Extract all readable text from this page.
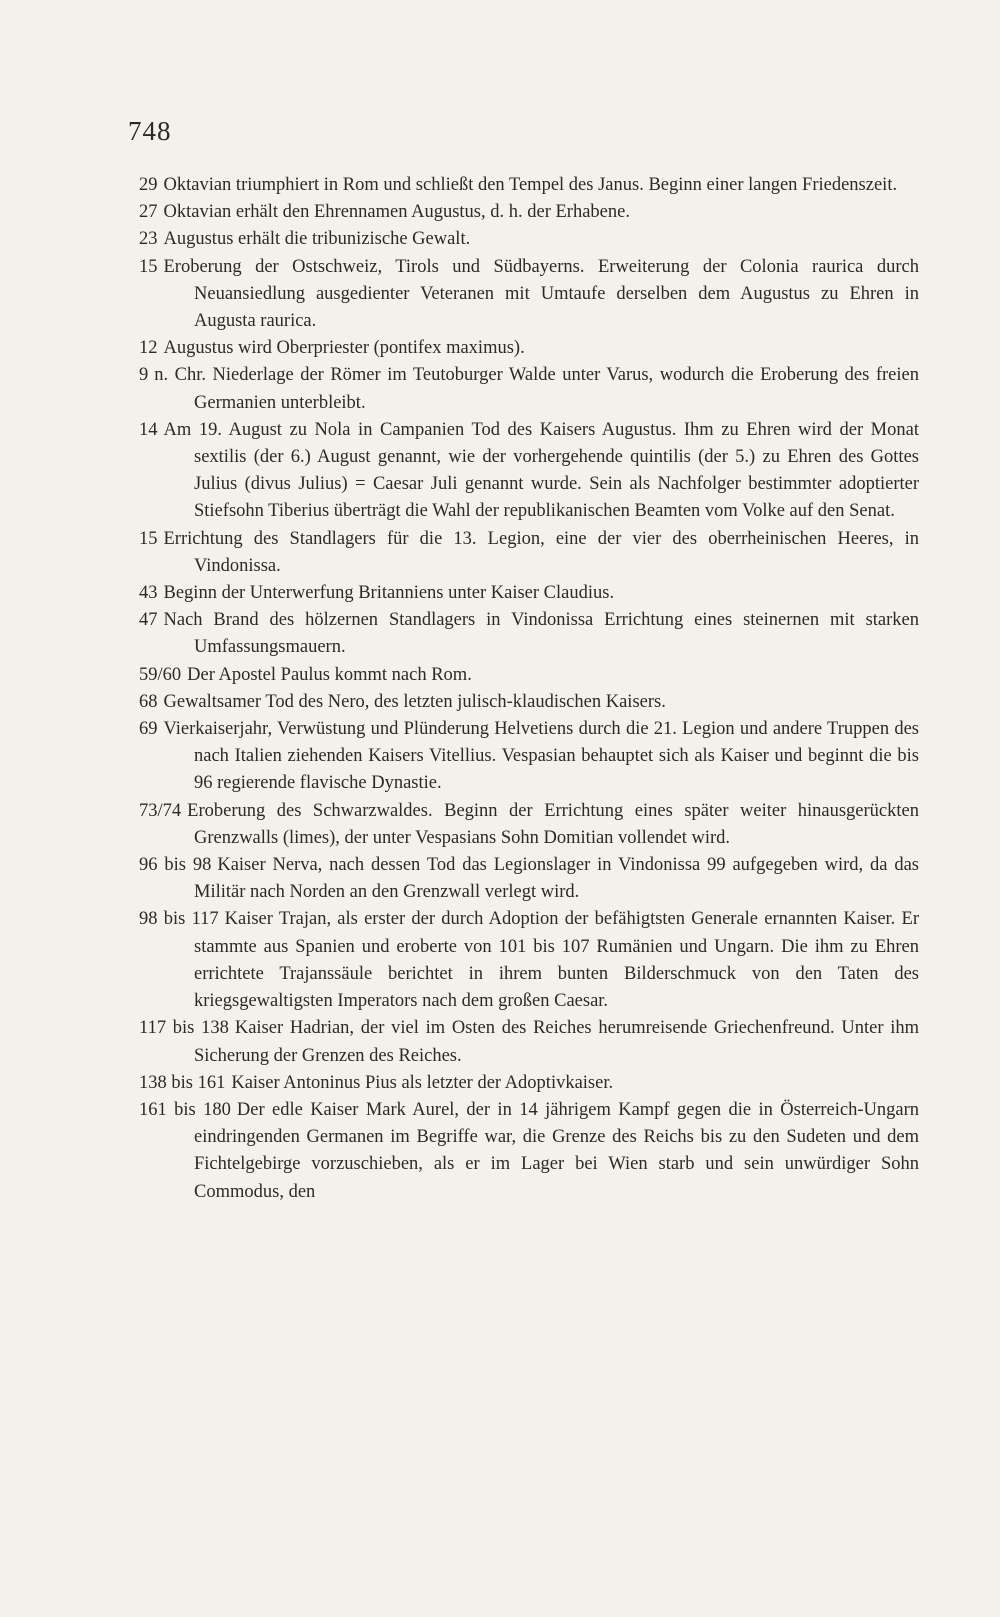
748

29 Oktavian triumphiert in Rom und schließt den Tempel des Janus. Beginn einer langen Friedenszeit.

27 Oktavian erhält den Ehrennamen Augustus, d. h. der Erhabene.

23 Augustus erhält die tribunizische Gewalt.

15 Eroberung der Ostschweiz, Tirols und Südbayerns. Erweiterung der Colonia raurica durch Neuansiedlung ausgedienter Veteranen mit Umtaufe derselben dem Augustus zu Ehren in Augusta raurica.

12 Augustus wird Oberpriester (pontifex maximus).

9 n. Chr. Niederlage der Römer im Teutoburger Walde unter Varus, wodurch die Eroberung des freien Germanien unterbleibt.

14 Am 19. August zu Nola in Campanien Tod des Kaisers Augustus. Ihm zu Ehren wird der Monat sextilis (der 6.) August genannt, wie der vorhergehende quintilis (der 5.) zu Ehren des Gottes Julius (divus Julius) = Caesar Juli genannt wurde. Sein als Nachfolger bestimmter adoptierter Stiefsohn Tiberius überträgt die Wahl der republikanischen Beamten vom Volke auf den Senat.

15 Errichtung des Standlagers für die 13. Legion, eine der vier des oberrheinischen Heeres, in Vindonissa.

43 Beginn der Unterwerfung Britanniens unter Kaiser Claudius.

47 Nach Brand des hölzernen Standlagers in Vindonissa Errichtung eines steinernen mit starken Umfassungsmauern.

59/60 Der Apostel Paulus kommt nach Rom.

68 Gewaltsamer Tod des Nero, des letzten julisch-klaudischen Kaisers.

69 Vierkaiserjahr, Verwüstung und Plünderung Helvetiens durch die 21. Legion und andere Truppen des nach Italien ziehenden Kaisers Vitellius. Vespasian behauptet sich als Kaiser und beginnt die bis 96 regierende flavische Dynastie.

73/74 Eroberung des Schwarzwaldes. Beginn der Errichtung eines später weiter hinausgerückten Grenzwalls (limes), der unter Vespasians Sohn Domitian vollendet wird.

96 bis 98 Kaiser Nerva, nach dessen Tod das Legionslager in Vindonissa 99 aufgegeben wird, da das Militär nach Norden an den Grenzwall verlegt wird.

98 bis 117 Kaiser Trajan, als erster der durch Adoption der befähigtsten Generale ernannten Kaiser. Er stammte aus Spanien und eroberte von 101 bis 107 Rumänien und Ungarn. Die ihm zu Ehren errichtete Trajanssäule berichtet in ihrem bunten Bilderschmuck von den Taten des kriegsgewaltigsten Imperators nach dem großen Caesar.

117 bis 138 Kaiser Hadrian, der viel im Osten des Reiches herumreisende Griechenfreund. Unter ihm Sicherung der Grenzen des Reiches.

138 bis 161 Kaiser Antoninus Pius als letzter der Adoptivkaiser.

161 bis 180 Der edle Kaiser Mark Aurel, der in 14 jährigem Kampf gegen die in Österreich-Ungarn eindringenden Germanen im Begriffe war, die Grenze des Reichs bis zu den Sudeten und dem Fichtelgebirge vorzuschieben, als er im Lager bei Wien starb und sein unwürdiger Sohn Commodus, den
